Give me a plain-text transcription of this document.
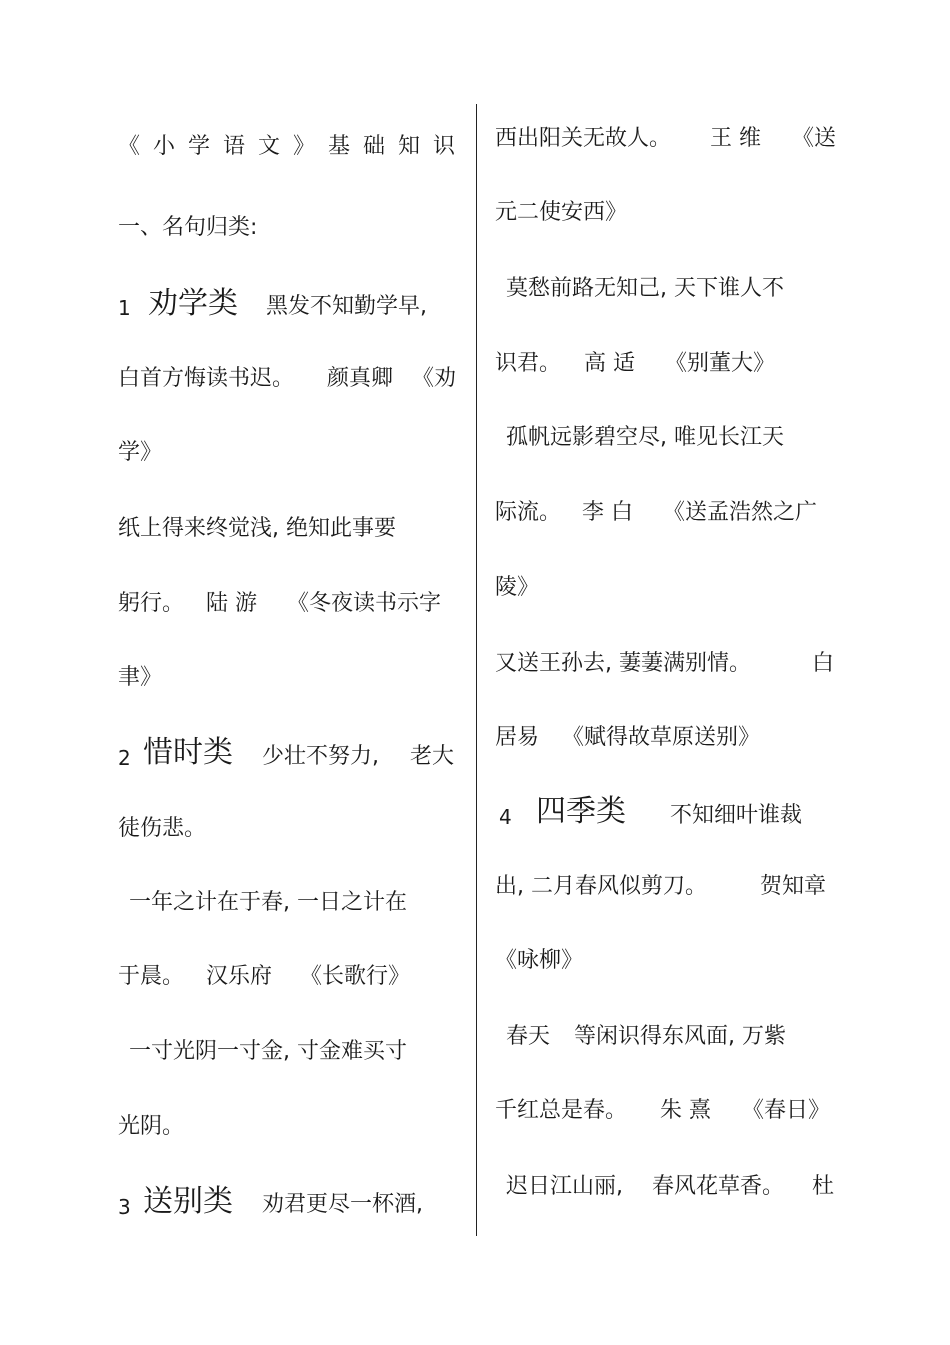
《小学语文》基础知识
一、名句归类:
1 劝学类 黑发不知勤学早,
白首方悔读书迟。 颜真卿 《劝
学》
纸上得来终觉浅, 绝知此事要
躬行。 陆 游 《冬夜读书示字
聿》
2 惜时类 少壮不努力, 老大
徒伤悲。
一年之计在于春, 一日之计在
于晨。 汉乐府 《长歌行》
一寸光阴一寸金, 寸金难买寸
光阴。
3 送别类 劝君更尽一杯酒,
西出阳关无故人。 王 维 《送
元二使安西》
莫愁前路无知己, 天下谁人不
识君。 高 适 《别董大》
孤帆远影碧空尽, 唯见长江天
际流。 李 白 《送孟浩然之广
陵》
又送王孙去, 萋萋满别情。	白
居易 《赋得故草原送别》
4 四季类 不知细叶谁裁
出, 二月春风似剪刀。 贺知章
《咏柳》
春天 等闲识得东风面, 万紫
千红总是春。 朱 熹 《春日》
迟日江山丽, 春风花草香。 杜
